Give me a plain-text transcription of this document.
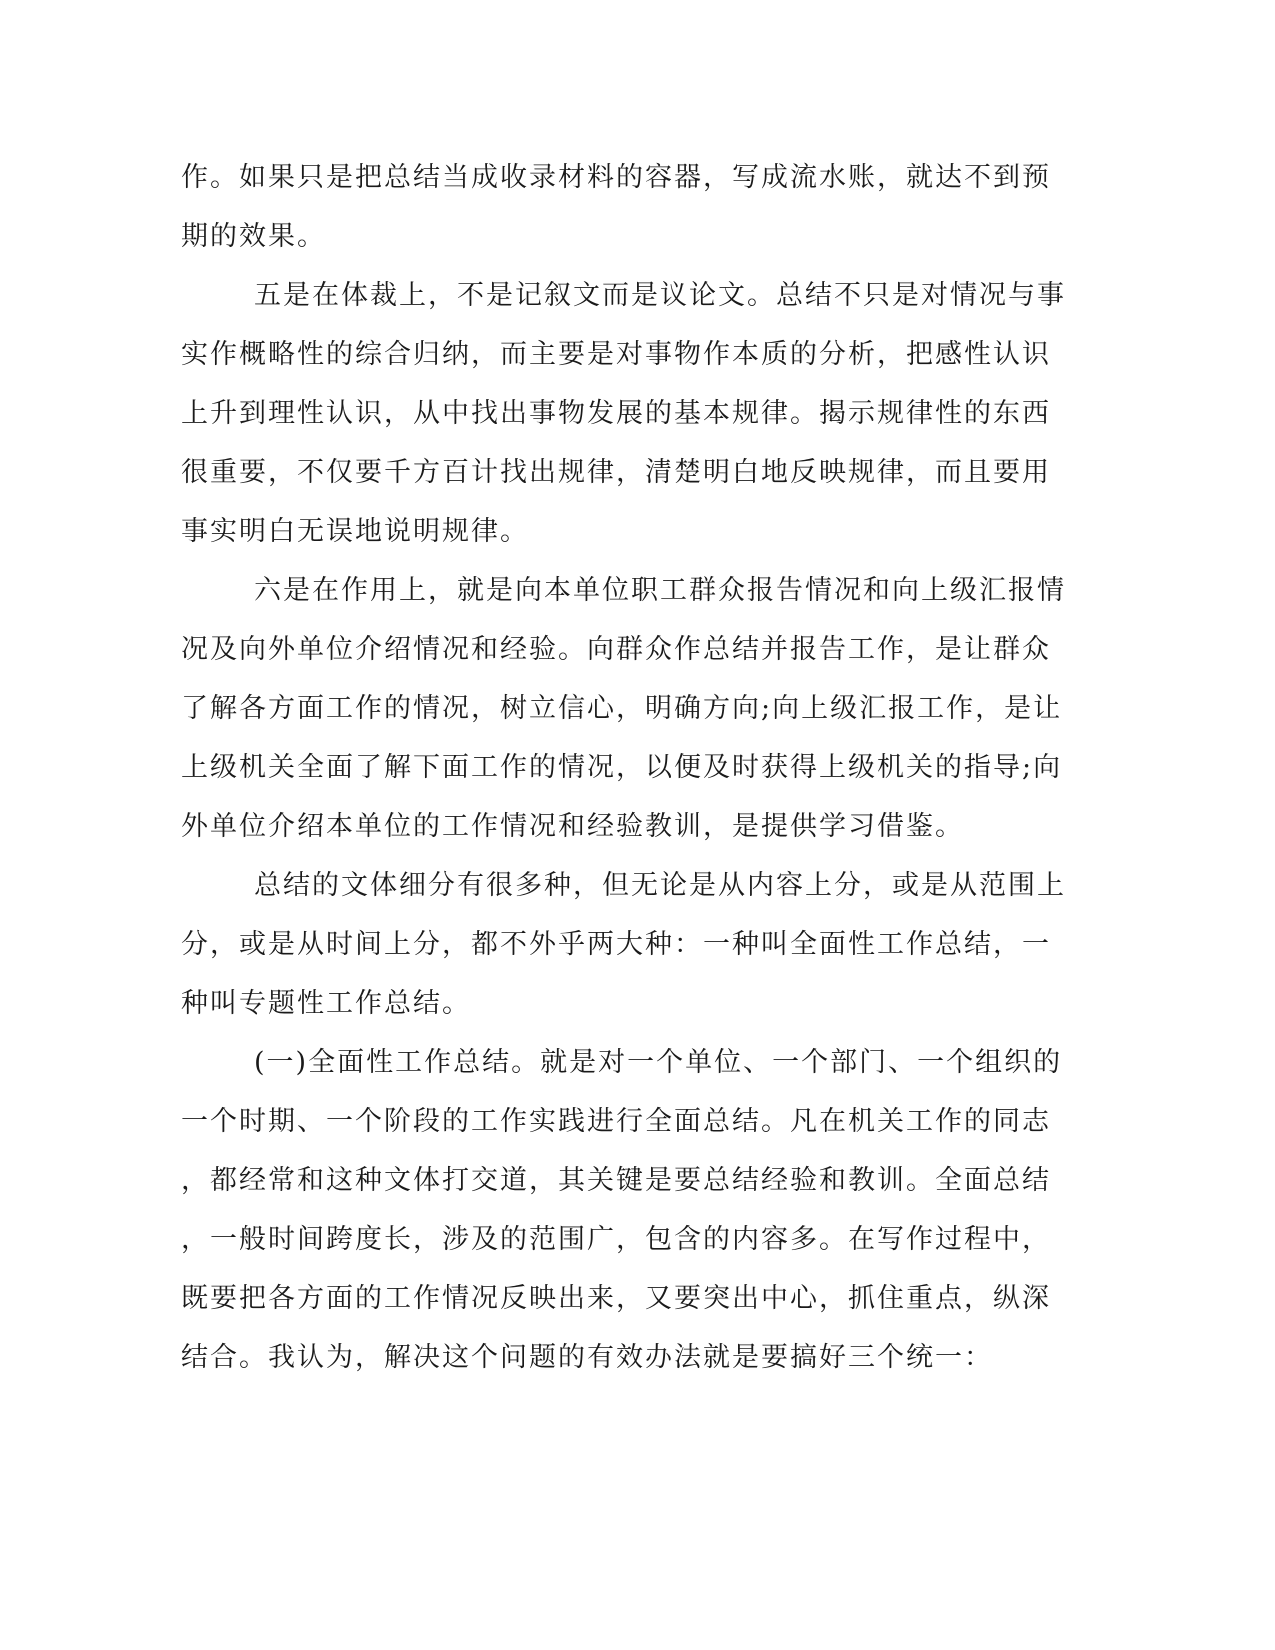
作。如果只是把总结当成收录材料的容器，写成流水账，就达不到预
期的效果。
五是在体裁上，不是记叙文而是议论文。总结不只是对情况与事
实作概略性的综合归纳，而主要是对事物作本质的分析，把感性认识
上升到理性认识，从中找出事物发展的基本规律。揭示规律性的东西
很重要，不仅要千方百计找出规律，清楚明白地反映规律，而且要用
事实明白无误地说明规律。
六是在作用上，就是向本单位职工群众报告情况和向上级汇报情
况及向外单位介绍情况和经验。向群众作总结并报告工作，是让群众
了解各方面工作的情况，树立信心，明确方向;向上级汇报工作，是让
上级机关全面了解下面工作的情况，以便及时获得上级机关的指导;向
外单位介绍本单位的工作情况和经验教训，是提供学习借鉴。
总结的文体细分有很多种，但无论是从内容上分，或是从范围上
分，或是从时间上分，都不外乎两大种：一种叫全面性工作总结，一
种叫专题性工作总结。
(一)全面性工作总结。就是对一个单位、一个部门、一个组织的
一个时期、一个阶段的工作实践进行全面总结。凡在机关工作的同志
，都经常和这种文体打交道，其关键是要总结经验和教训。全面总结
，一般时间跨度长，涉及的范围广，包含的内容多。在写作过程中，
既要把各方面的工作情况反映出来，又要突出中心，抓住重点，纵深
结合。我认为，解决这个问题的有效办法就是要搞好三个统一：
